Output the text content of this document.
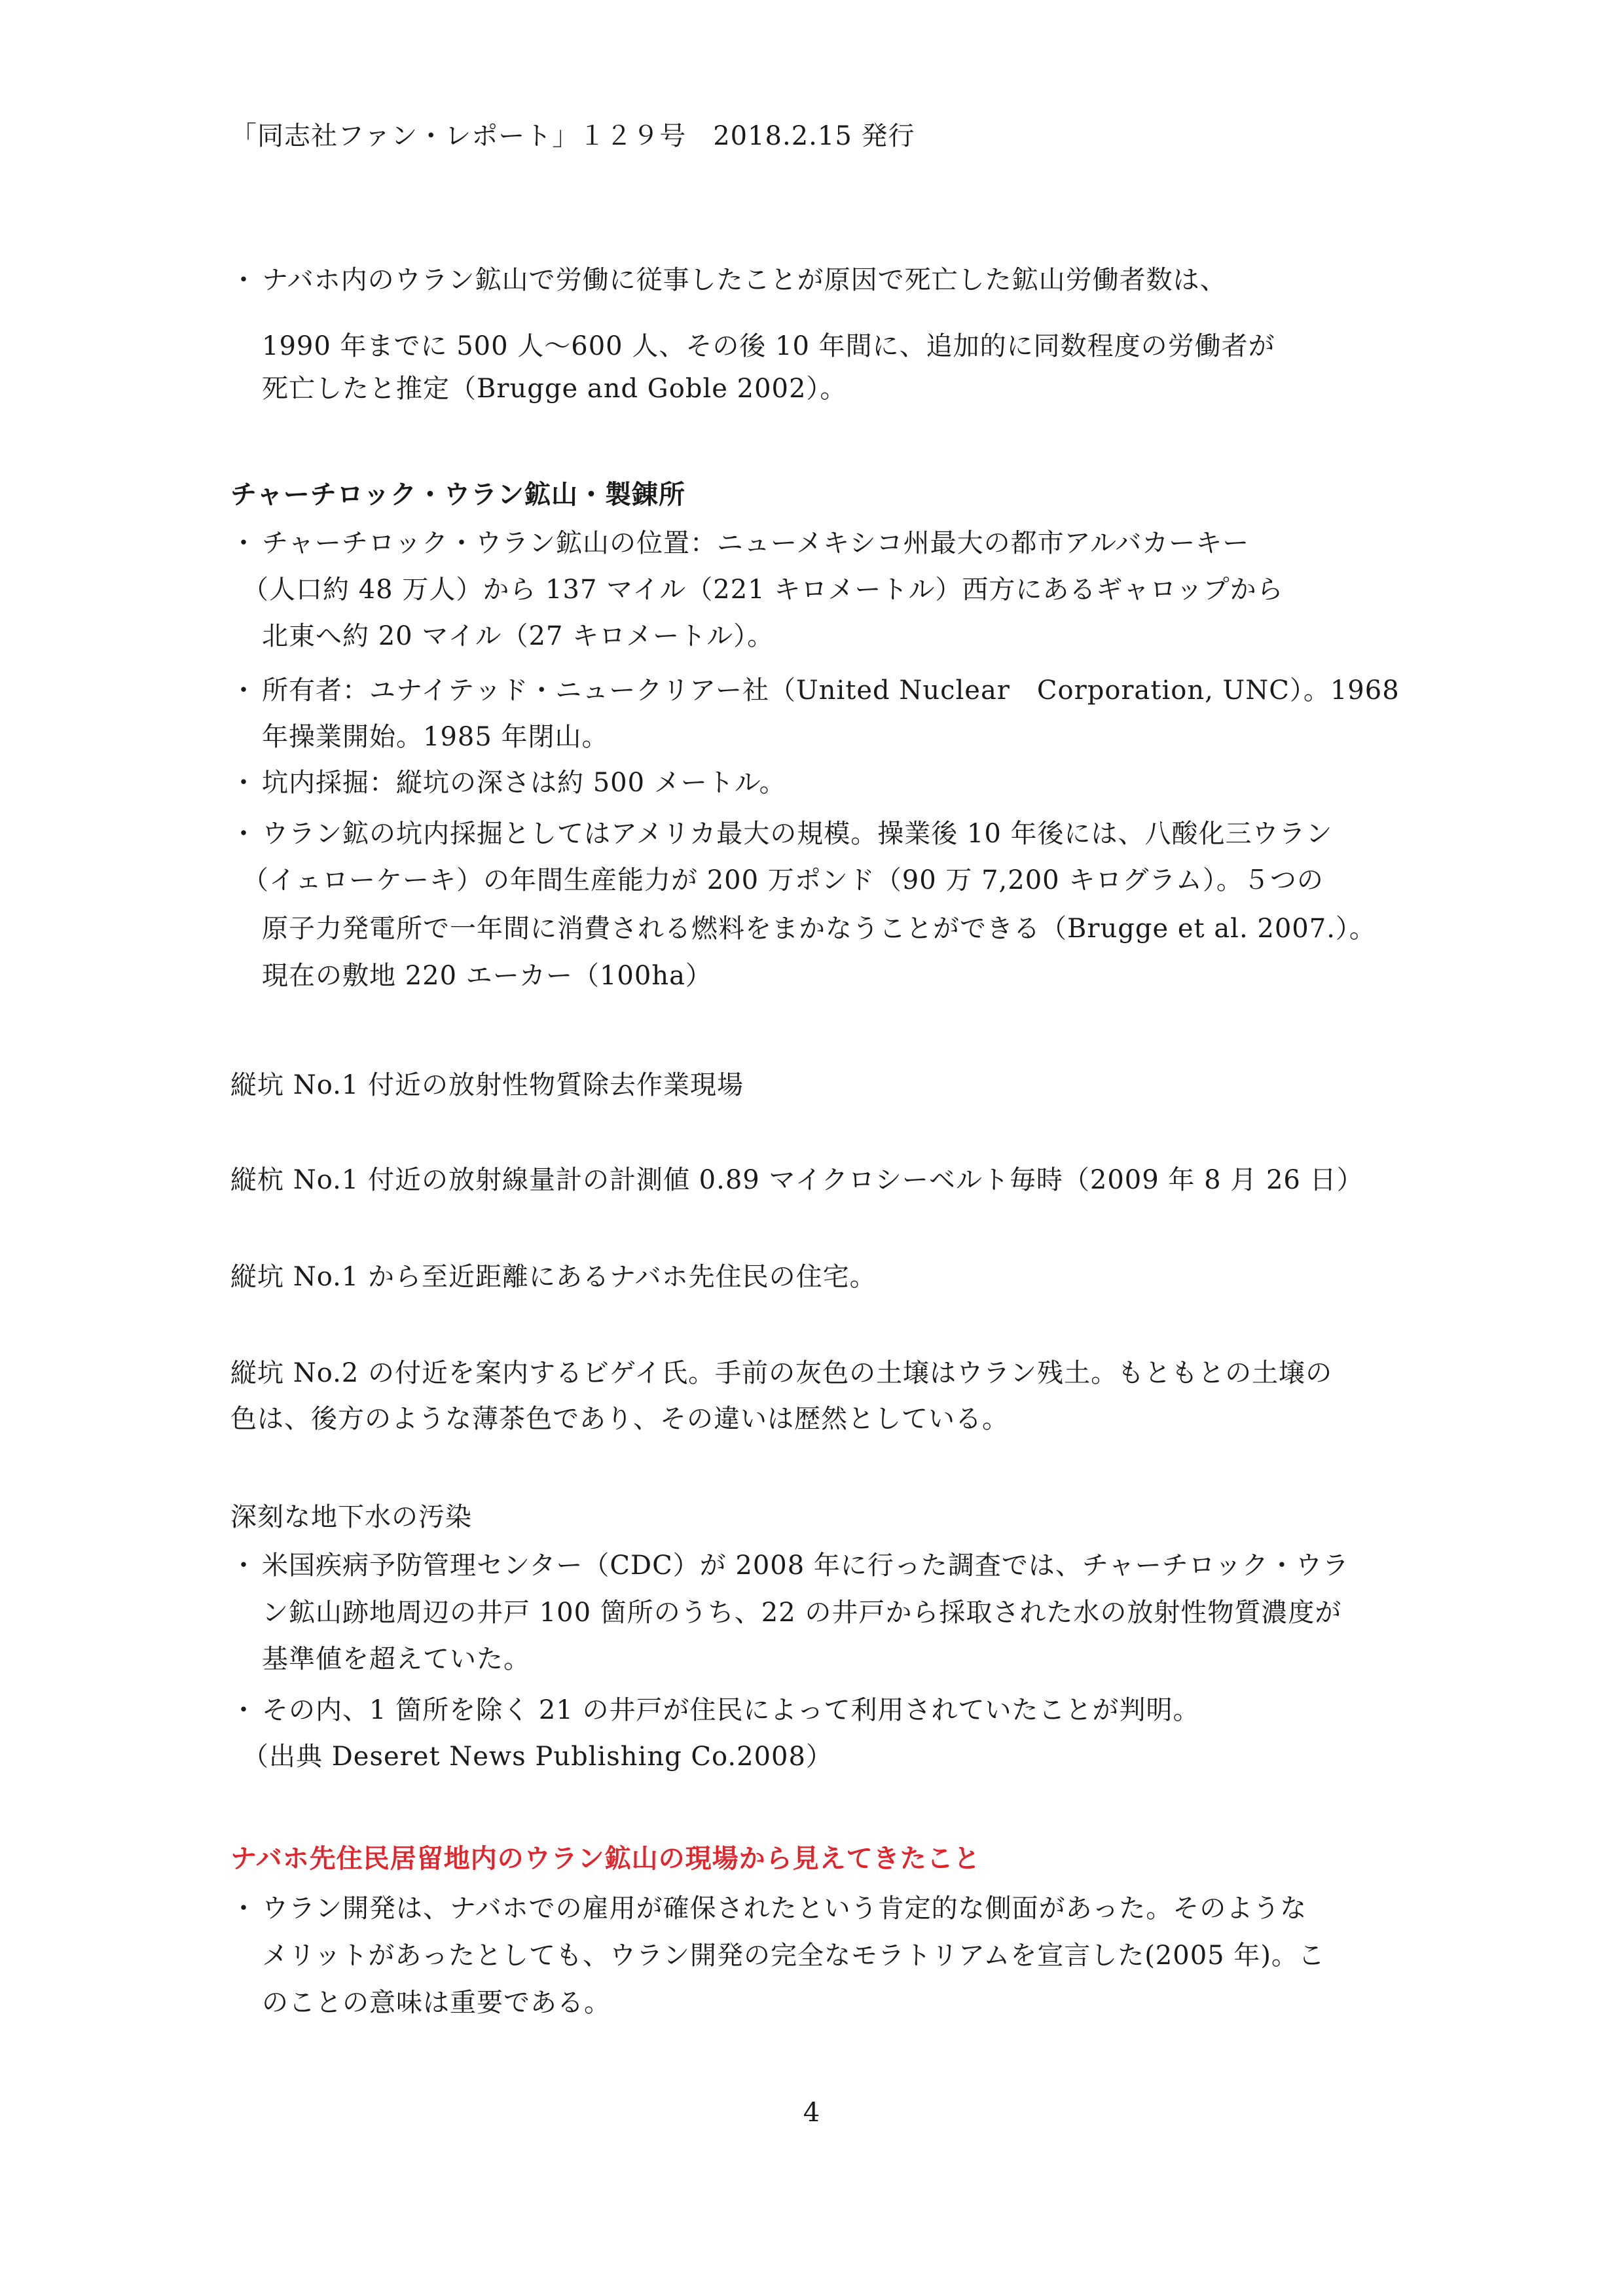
「同志社ファン・レポート」１２９号　2018.2.15 発行
・ ナバホ内のウラン鉱山で労働に従事したことが原因で死亡した鉱山労働者数は、
1990 年までに 500 人〜600 人、その後 10 年間に、追加的に同数程度の労働者が
死亡したと推定（Brugge and Goble 2002）。
チャーチロック・ウラン鉱山・製錬所
・ チャーチロック・ウラン鉱山の位置：ニューメキシコ州最大の都市アルバカーキー
（人口約 48 万人）から 137 マイル（221 キロメートル）西方にあるギャロップから
北東へ約 20 マイル（27 キロメートル）。
・ 所有者：ユナイテッド・ニュークリアー社（United Nuclear　Corporation, UNC）。1968
年操業開始。1985 年閉山。
・ 坑内採掘：縦坑の深さは約 500 メートル。
・ ウラン鉱の坑内採掘としてはアメリカ最大の規模。操業後 10 年後には、八酸化三ウラン
（イェローケーキ）の年間生産能力が 200 万ポンド（90 万 7,200 キログラム）。５つの
原子力発電所で一年間に消費される燃料をまかなうことができる（Brugge et al. 2007.）。
現在の敷地 220 エーカー（100ha）
縦坑 No.1 付近の放射性物質除去作業現場
縦杭 No.1 付近の放射線量計の計測値 0.89 マイクロシーベルト毎時（2009 年 8 月 26 日）
縦坑 No.1 から至近距離にあるナバホ先住民の住宅。
縦坑 No.2 の付近を案内するビゲイ氏。手前の灰色の土壌はウラン残土。もともとの土壌の
色は、後方のような薄茶色であり、その違いは歴然としている。
深刻な地下水の汚染
・ 米国疾病予防管理センター（CDC）が 2008 年に行った調査では、チャーチロック・ウラ
ン鉱山跡地周辺の井戸 100 箇所のうち、22 の井戸から採取された水の放射性物質濃度が
基準値を超えていた。
・ その内、1 箇所を除く 21 の井戸が住民によって利用されていたことが判明。
（出典 Deseret News Publishing Co.2008）
ナバホ先住民居留地内のウラン鉱山の現場から見えてきたこと
・ ウラン開発は、ナバホでの雇用が確保されたという肯定的な側面があった。そのような
メリットがあったとしても、ウラン開発の完全なモラトリアムを宣言した(2005 年)。こ
のことの意味は重要である。
4
